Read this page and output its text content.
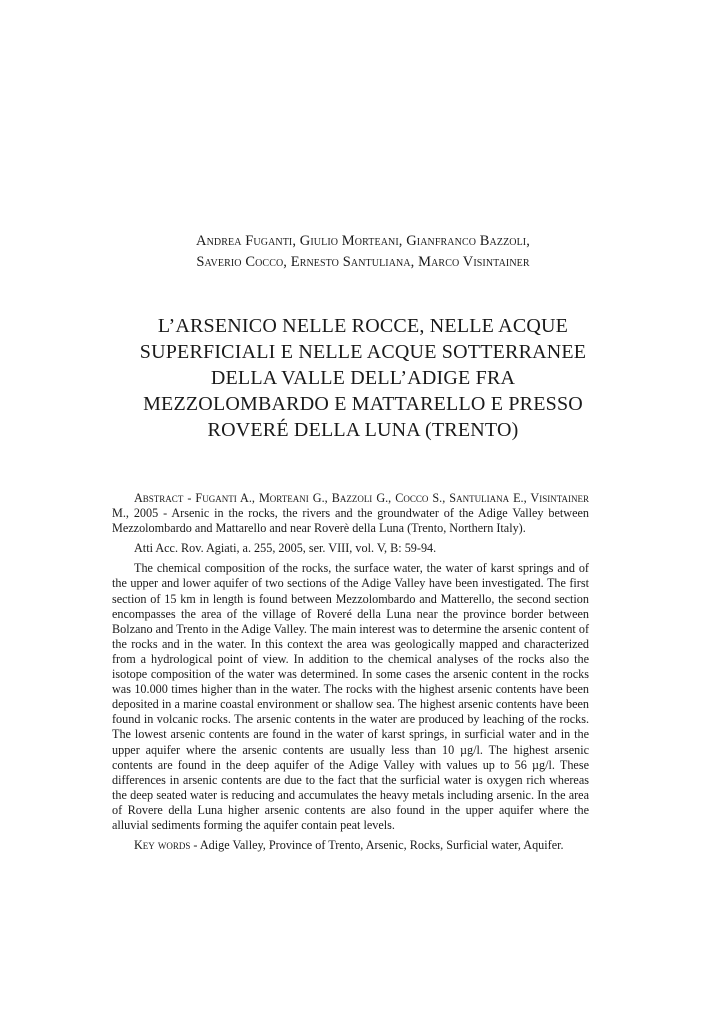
Andrea Fuganti, Giulio Morteani, Gianfranco Bazzoli,
Saverio Cocco, Ernesto Santuliana, Marco Visintainer
L’ARSENICO NELLE ROCCE, NELLE ACQUE
SUPERFICIALI E NELLE ACQUE SOTTERRANEE
DELLA VALLE DELL’ADIGE FRA
MEZZOLOMBARDO E MATTARELLO E PRESSO
ROVERÉ DELLA LUNA (TRENTO)

Abstract - Fuganti A., Morteani G., Bazzoli G., Cocco S., Santuliana E., Visintainer M., 2005 - Arsenic in the rocks, the rivers and the groundwater of the Adige Valley between Mezzolombardo and Mattarello and near Roverè della Luna (Trento, Northern Italy).

Atti Acc. Rov. Agiati, a. 255, 2005, ser. VIII, vol. V, B: 59-94.

The chemical composition of the rocks, the surface water, the water of karst springs and of the upper and lower aquifer of two sections of the Adige Valley have been investigated. The first section of 15 km in length is found between Mezzolombardo and Matterello, the second section encompasses the area of the village of Roveré della Luna near the province border between Bolzano and Trento in the Adige Valley. The main interest was to determine the arsenic content of the rocks and in the water. In this context the area was geologically mapped and characterized from a hydrological point of view. In addition to the chemical analyses of the rocks also the isotope composition of the water was determined. In some cases the arsenic content in the rocks was 10.000 times higher than in the water. The rocks with the highest arsenic contents have been deposited in a marine coastal environment or shallow sea. The highest arsenic contents have been found in volcanic rocks. The arsenic contents in the water are produced by leaching of the rocks. The lowest arsenic contents are found in the water of karst springs, in surficial water and in the upper aquifer where the arsenic contents are usually less than 10 µg/l. The highest arsenic contents are found in the deep aquifer of the Adige Valley with values up to 56 µg/l. These differences in arsenic contents are due to the fact that the surficial water is oxygen rich whereas the deep seated water is reducing and accumulates the heavy metals including arsenic. In the area of Rovere della Luna higher arsenic contents are also found in the upper aquifer where the alluvial sediments forming the aquifer contain peat levels.

Key words - Adige Valley, Province of Trento, Arsenic, Rocks, Surficial water, Aquifer.
